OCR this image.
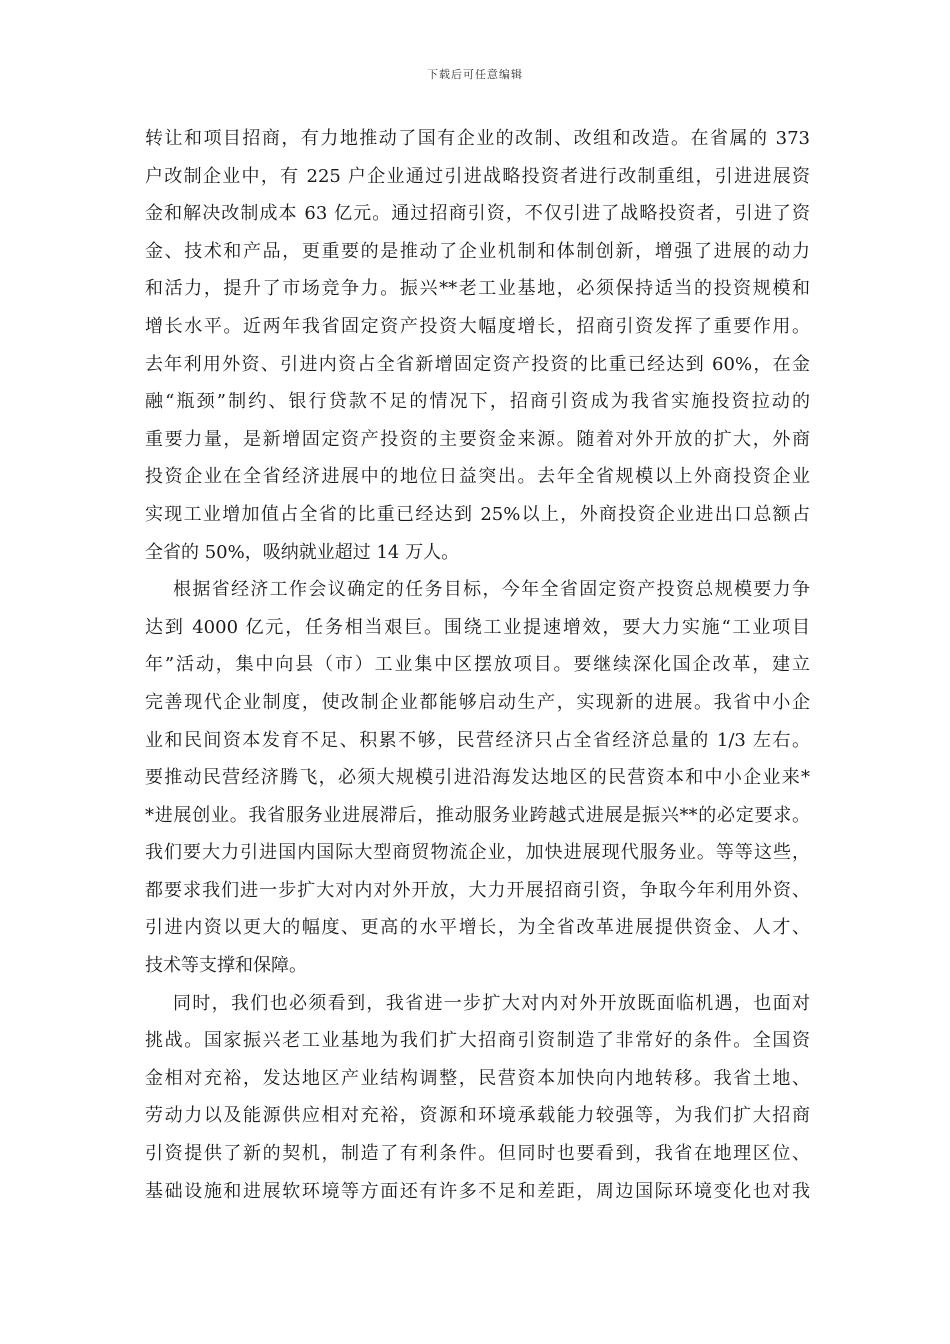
下载后可任意编辑
转让和项目招商，有力地推动了国有企业的改制、改组和改造。在省属的 373
户改制企业中，有 225 户企业通过引进战略投资者进行改制重组，引进进展资
金和解决改制成本 63 亿元。通过招商引资，不仅引进了战略投资者，引进了资
金、技术和产品，更重要的是推动了企业机制和体制创新，增强了进展的动力
和活力，提升了市场竞争力。振兴**老工业基地，必须保持适当的投资规模和
增长水平。近两年我省固定资产投资大幅度增长，招商引资发挥了重要作用。
去年利用外资、引进内资占全省新增固定资产投资的比重已经达到 60%，在金
融“瓶颈”制约、银行贷款不足的情况下，招商引资成为我省实施投资拉动的
重要力量，是新增固定资产投资的主要资金来源。随着对外开放的扩大，外商
投资企业在全省经济进展中的地位日益突出。去年全省规模以上外商投资企业
实现工业增加值占全省的比重已经达到 25%以上，外商投资企业进出口总额占
全省的 50%，吸纳就业超过 14 万人。
根据省经济工作会议确定的任务目标，今年全省固定资产投资总规模要力争
达到 4000 亿元，任务相当艰巨。围绕工业提速增效，要大力实施“工业项目
年”活动，集中向县（市）工业集中区摆放项目。要继续深化国企改革，建立
完善现代企业制度，使改制企业都能够启动生产，实现新的进展。我省中小企
业和民间资本发育不足、积累不够，民营经济只占全省经济总量的 1/3 左右。
要推动民营经济腾飞，必须大规模引进沿海发达地区的民营资本和中小企业来*
*进展创业。我省服务业进展滞后，推动服务业跨越式进展是振兴**的必定要求。
我们要大力引进国内国际大型商贸物流企业，加快进展现代服务业。等等这些，
都要求我们进一步扩大对内对外开放，大力开展招商引资，争取今年利用外资、
引进内资以更大的幅度、更高的水平增长，为全省改革进展提供资金、人才、
技术等支撑和保障。
同时，我们也必须看到，我省进一步扩大对内对外开放既面临机遇，也面对
挑战。国家振兴老工业基地为我们扩大招商引资制造了非常好的条件。全国资
金相对充裕，发达地区产业结构调整，民营资本加快向内地转移。我省土地、
劳动力以及能源供应相对充裕，资源和环境承载能力较强等，为我们扩大招商
引资提供了新的契机，制造了有利条件。但同时也要看到，我省在地理区位、
基础设施和进展软环境等方面还有许多不足和差距，周边国际环境变化也对我
